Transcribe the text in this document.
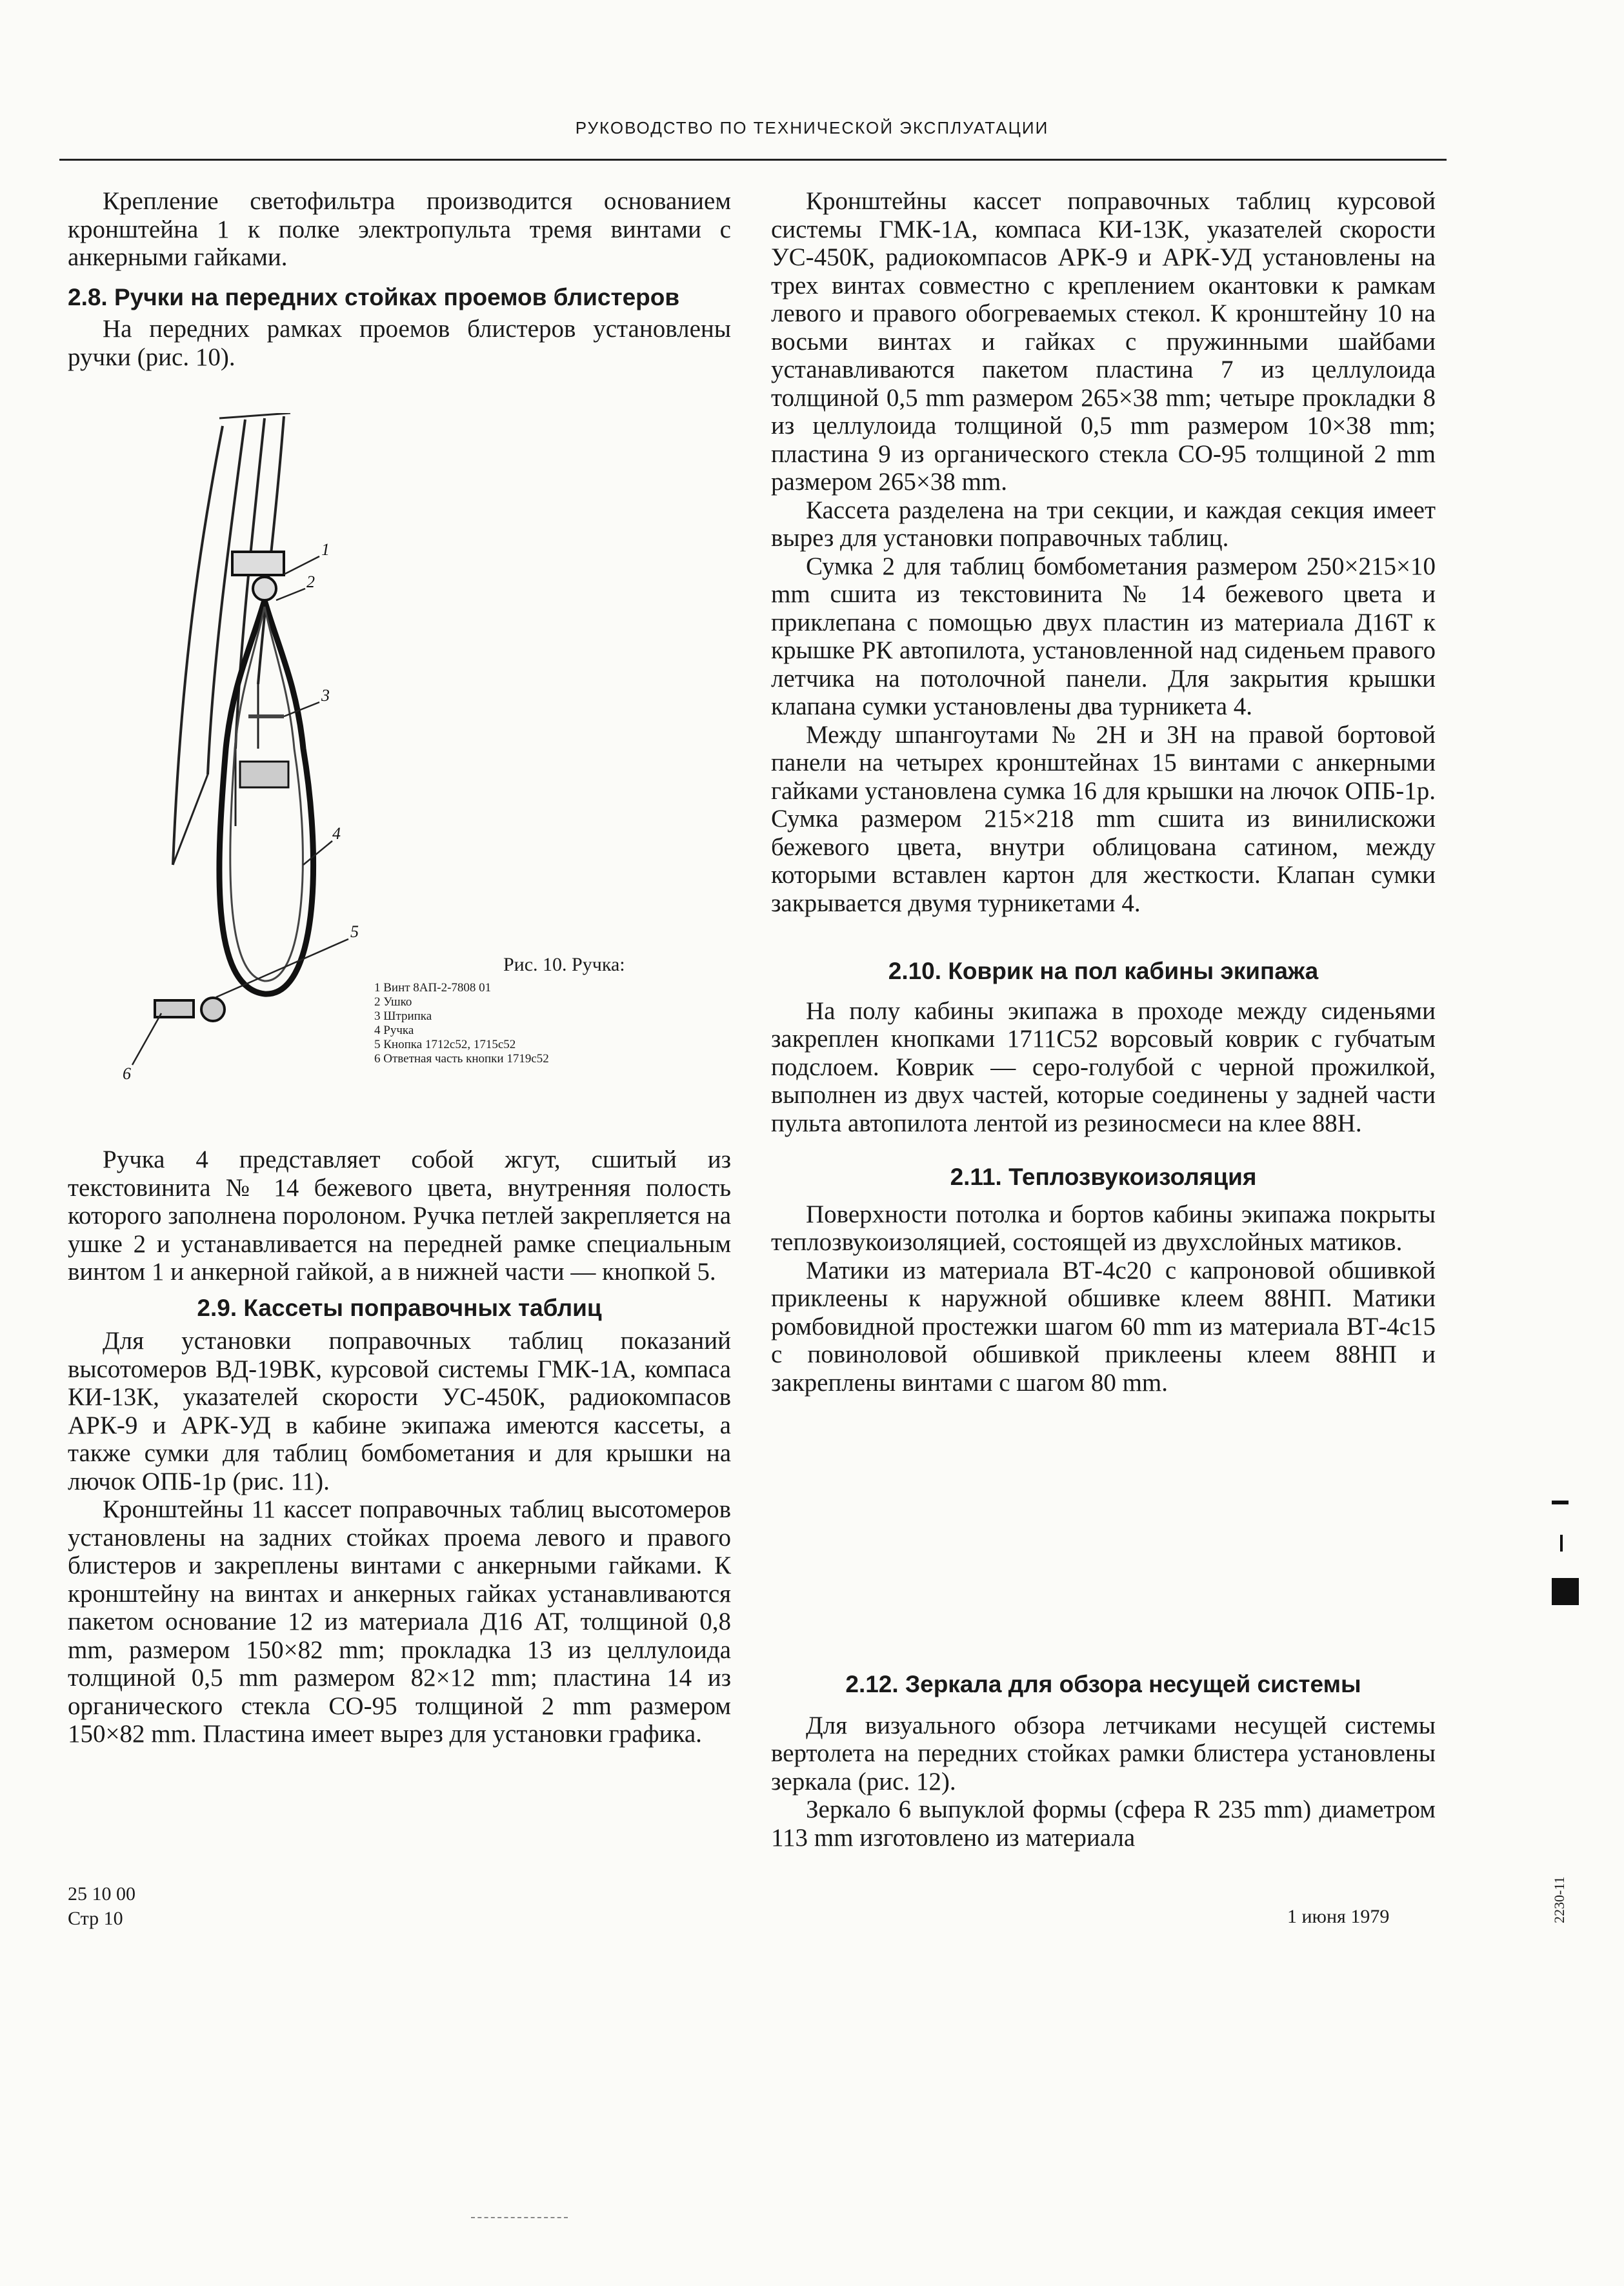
РУКОВОДСТВО ПО ТЕХНИЧЕСКОЙ ЭКСПЛУАТАЦИИ

Крепление светофильтра производится основанием кронштейна 1 к полке электропульта тремя винтами с анкерными гайками.

2.8. Ручки на передних стойках проемов блистеров

На передних рамках проемов блистеров установлены ручки (рис. 10).

1
2
3
4
5
6
Рис. 10. Ручка:
1 Винт 8АП-2-7808 01
2 Ушко
3 Штрипка
4 Ручка
5 Кнопка 1712с52, 1715с52
6 Ответная часть кнопки 1719с52

Ручка 4 представляет собой жгут, сшитый из текстовинита № 14 бежевого цвета, внутренняя полость которого заполнена поролоном. Ручка петлей закрепляется на ушке 2 и устанавливается на передней рамке специальным винтом 1 и анкерной гайкой, а в нижней части — кнопкой 5.

2.9. Кассеты поправочных таблиц

Для установки поправочных таблиц показаний высотомеров ВД-19ВК, курсовой системы ГМК-1А, компаса КИ-13К, указателей скорости УС-450К, радиокомпасов АРК-9 и АРК-УД в кабине экипажа имеются кассеты, а также сумки для таблиц бомбометания и для крышки на лючок ОПБ-1р (рис. 11).

Кронштейны 11 кассет поправочных таблиц высотомеров установлены на задних стойках проема левого и правого блистеров и закреплены винтами с анкерными гайками. К кронштейну на винтах и анкерных гайках устанавливаются пакетом основание 12 из материала Д16 АТ, толщиной 0,8 mm, размером 150×82 mm; прокладка 13 из целлулоида толщиной 0,5 mm размером 82×12 mm; пластина 14 из органического стекла СО-95 толщиной 2 mm размером 150×82 mm. Пластина имеет вырез для установки графика.

Кронштейны кассет поправочных таблиц курсовой системы ГМК-1А, компаса КИ-13К, указателей скорости УС-450К, радиокомпасов АРК-9 и АРК-УД установлены на трех винтах совместно с креплением окантовки к рамкам левого и правого обогреваемых стекол. К кронштейну 10 на восьми винтах и гайках с пружинными шайбами устанавливаются пакетом пластина 7 из целлулоида толщиной 0,5 mm размером 265×38 mm; четыре прокладки 8 из целлулоида толщиной 0,5 mm размером 10×38 mm; пластина 9 из органического стекла СО-95 толщиной 2 mm размером 265×38 mm.

Кассета разделена на три секции, и каждая секция имеет вырез для установки поправочных таблиц.

Сумка 2 для таблиц бомбометания размером 250×215×10 mm сшита из текстовинита № 14 бежевого цвета и приклепана с помощью двух пластин из материала Д16Т к крышке РК автопилота, установленной над сиденьем правого летчика на потолочной панели. Для закрытия крышки клапана сумки установлены два турникета 4.

Между шпангоутами № 2Н и 3Н на правой бортовой панели на четырех кронштейнах 15 винтами с анкерными гайками установлена сумка 16 для крышки на лючок ОПБ-1р. Сумка размером 215×218 mm сшита из винилискожи бежевого цвета, внутри облицована сатином, между которыми вставлен картон для жесткости. Клапан сумки закрывается двумя турникетами 4.

2.10. Коврик на пол кабины экипажа

На полу кабины экипажа в проходе между сиденьями закреплен кнопками 1711С52 ворсовый коврик с губчатым подслоем. Коврик — серо-голубой с черной прожилкой, выполнен из двух частей, которые соединены у задней части пульта автопилота лентой из резиносмеси на клее 88Н.

2.11. Теплозвукоизоляция

Поверхности потолка и бортов кабины экипажа покрыты теплозвукоизоляцией, состоящей из двухслойных матиков.

Матики из материала ВТ-4с20 с капроновой обшивкой приклеены к наружной обшивке клеем 88НП. Матики ромбовидной простежки шагом 60 mm из материала ВТ-4с15 с повиноловой обшивкой приклеены клеем 88НП и закреплены винтами с шагом 80 mm.

2.12. Зеркала для обзора несущей системы

Для визуального обзора летчиками несущей системы вертолета на передних стойках рамки блистера установлены зеркала (рис. 12).

Зеркало 6 выпуклой формы (сфера R 235 mm) диаметром 113 mm изготовлено из материала

25 10 00
Стр 10	1 июня 1979	2230-11
